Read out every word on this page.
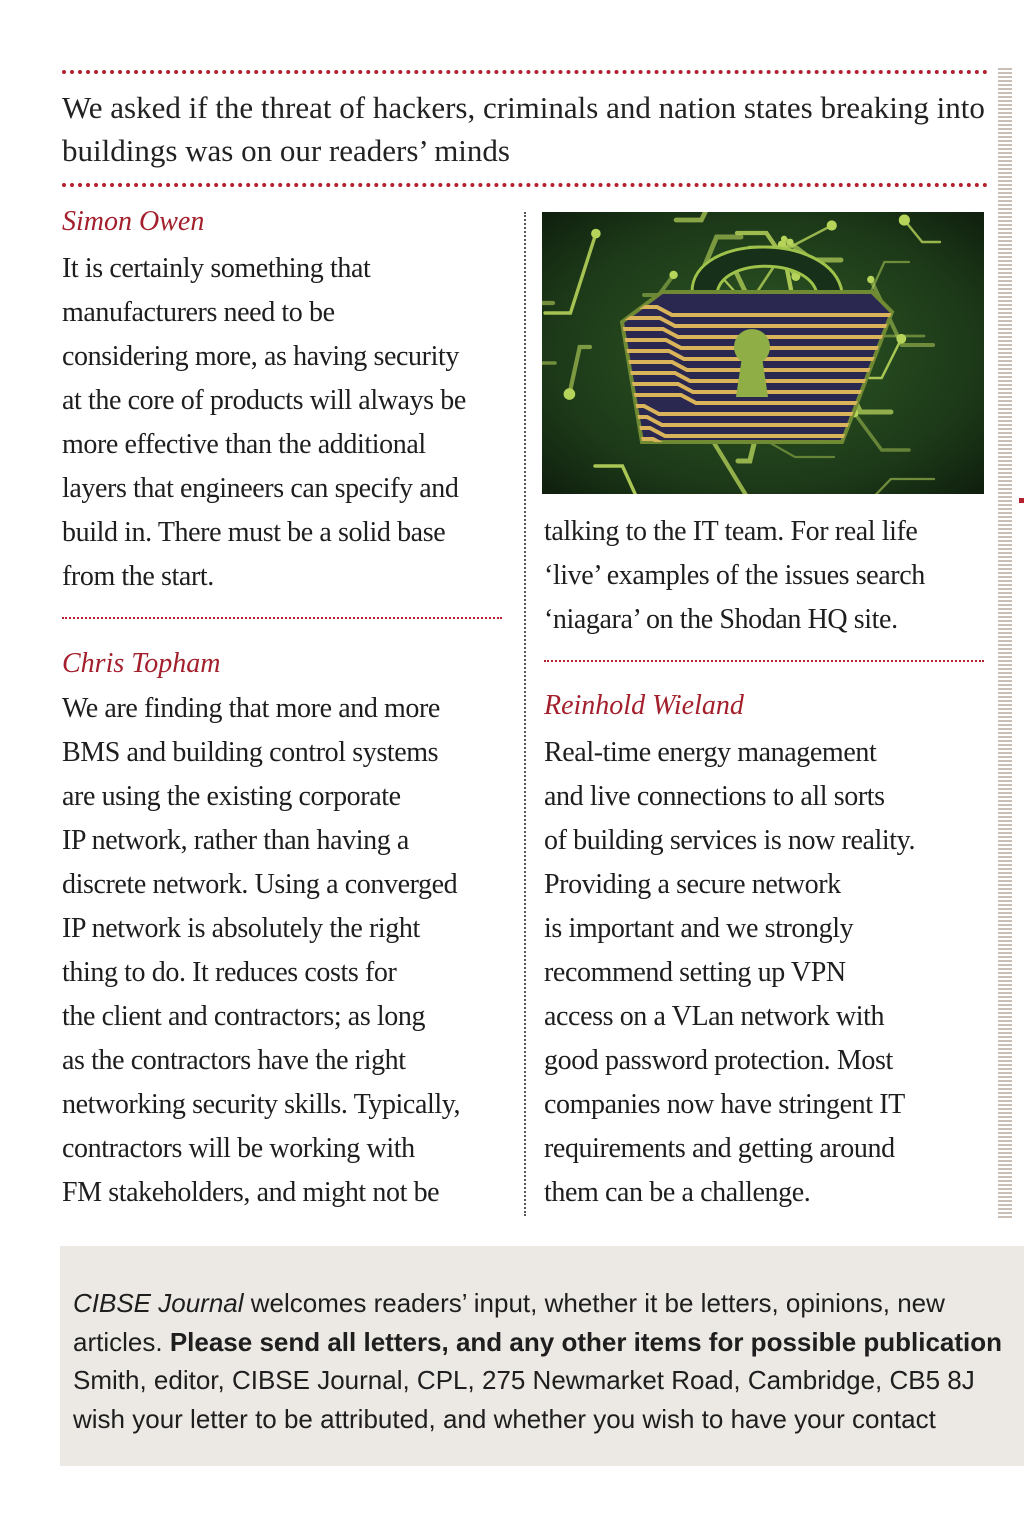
We asked if the threat of hackers, criminals and nation states breaking into buildings was on our readers’ minds
Simon Owen
It is certainly something that
manufacturers need to be
considering more, as having security
at the core of products will always be
more effective than the additional
layers that engineers can specify and
build in. There must be a solid base
from the start.
Chris Topham
We are finding that more and more
BMS and building control systems
are using the existing corporate
IP network, rather than having a
discrete network. Using a converged
IP network is absolutely the right
thing to do. It reduces costs for
the client and contractors; as long
as the contractors have the right
networking security skills. Typically,
contractors will be working with
FM stakeholders, and might not be
talking to the IT team. For real life
‘live’ examples of the issues search
‘niagara’ on the Shodan HQ site.
Reinhold Wieland
Real-time energy management
and live connections to all sorts
of building services is now reality.
Providing a secure network
is important and we strongly
recommend setting up VPN
access on a VLan network with
good password protection. Most
companies now have stringent IT
requirements and getting around
them can be a challenge.
CIBSE Journal welcomes readers’ input, whether it be letters, opinions, new
articles. Please send all letters, and any other items for possible publication
Smith, editor, CIBSE Journal, CPL, 275 Newmarket Road, Cambridge, CB5 8J
wish your letter to be attributed, and whether you wish to have your contact
